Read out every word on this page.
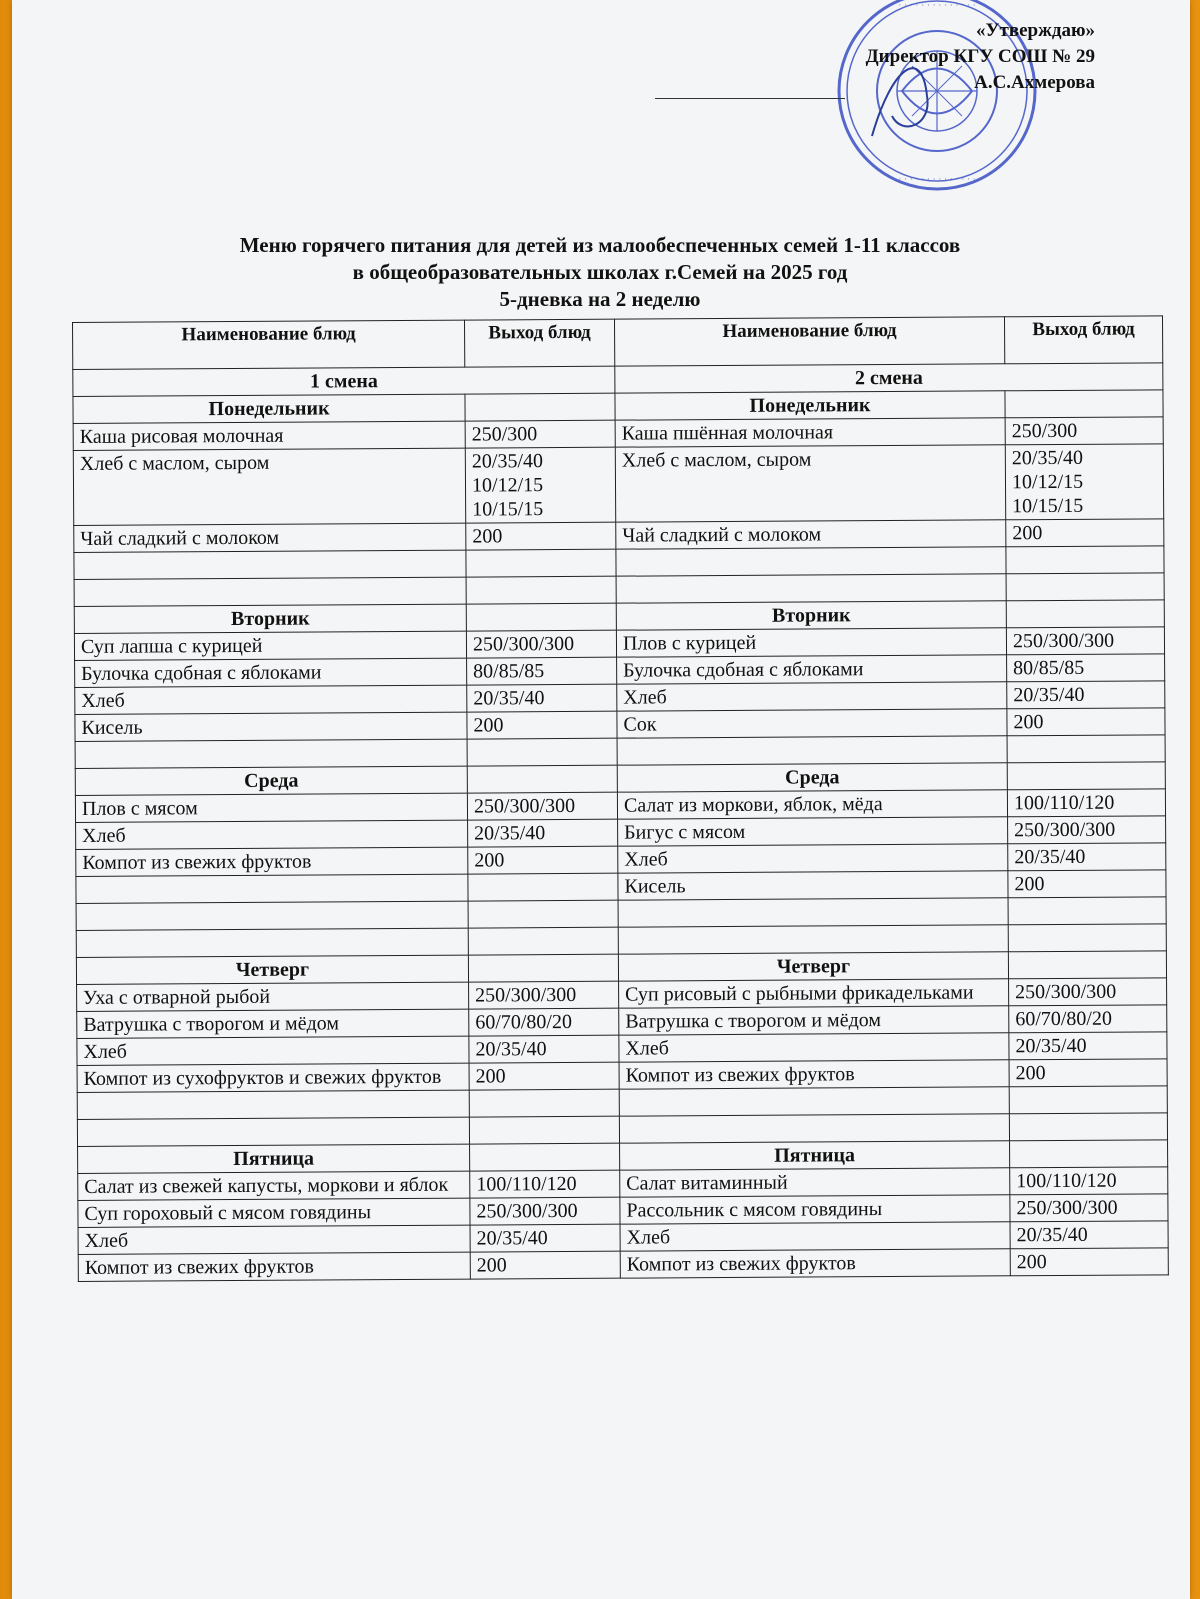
· · · · · · · · · · · · · ·
· · · · · · · · · · · · · ·
«Утверждаю»
Директор КГУ СОШ № 29
А.С.Ахмерова
Меню горячего питания для детей из малообеспеченных семей 1-11 классов
в общеобразовательных школах г.Семей на 2025 год
5-дневка на 2 неделю
Наименование блюд	Выход блюд	Наименование блюд	Выход блюд
1 смена		2 смена	
Понедельник		Понедельник	
Каша рисовая молочная	250/300	Каша пшённая молочная	250/300
Хлеб с маслом, сыром	20/35/40
10/12/15
10/15/15	Хлеб с маслом, сыром	20/35/40
10/12/15
10/15/15
Чай сладкий с молоком	200	Чай сладкий с молоком	200

Вторник		Вторник	
Суп лапша с курицей	250/300/300	Плов с курицей	250/300/300
Булочка сдобная с яблоками	80/85/85	Булочка сдобная с яблоками	80/85/85
Хлеб	20/35/40	Хлеб	20/35/40
Кисель	200	Сок	200

Среда		Среда	
Плов с мясом	250/300/300	Салат из моркови, яблок, мёда	100/110/120
Хлеб	20/35/40	Бигус с мясом	250/300/300
Компот из свежих фруктов	200	Хлеб	20/35/40
		Кисель	200

Четверг		Четверг	
Уха с отварной рыбой	250/300/300	Суп рисовый с рыбными фрикадельками	250/300/300
Ватрушка с творогом и мёдом	60/70/80/20	Ватрушка с творогом и мёдом	60/70/80/20
Хлеб	20/35/40	Хлеб	20/35/40
Компот из сухофруктов и свежих фруктов	200	Компот из свежих фруктов	200

Пятница		Пятница	
Салат из свежей капусты, моркови и яблок	100/110/120	Салат витаминный	100/110/120
Суп гороховый с мясом говядины	250/300/300	Рассольник с мясом говядины	250/300/300
Хлеб	20/35/40	Хлеб	20/35/40
Компот из свежих фруктов	200	Компот из свежих фруктов	200
